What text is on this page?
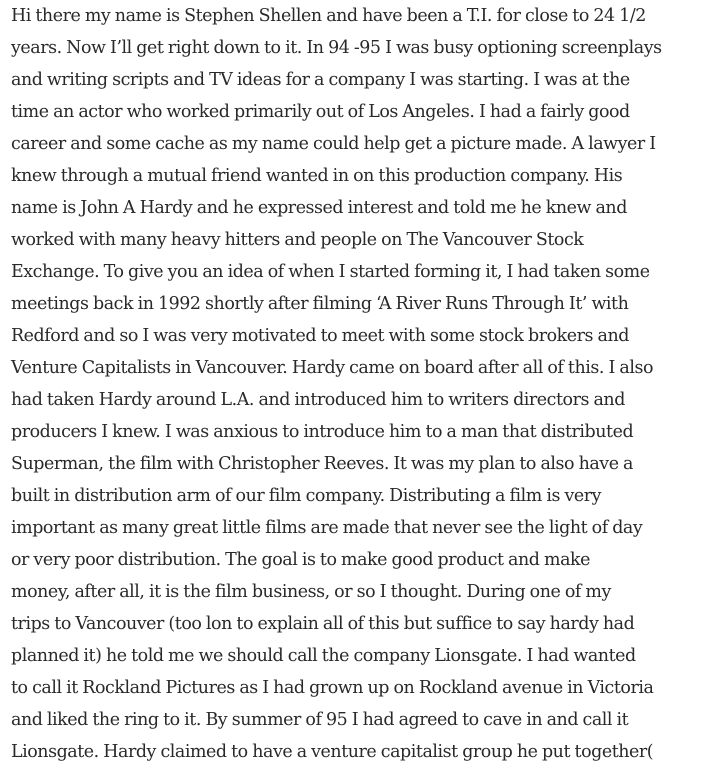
Hi there my name is Stephen Shellen and have been a T.I. for close to 24 1/2
years. Now I’ll get right down to it. In 94 -95 I was busy optioning screenplays
and writing scripts and TV ideas for a company I was starting. I was at the
time an actor who worked primarily out of Los Angeles. I had a fairly good
career and some cache as my name could help get a picture made. A lawyer I
knew through a mutual friend wanted in on this production company. His
name is John A Hardy and he expressed interest and told me he knew and
worked with many heavy hitters and people on The Vancouver Stock
Exchange. To give you an idea of when I started forming it, I had taken some
meetings back in 1992 shortly after filming ‘A River Runs Through It’ with
Redford and so I was very motivated to meet with some stock brokers and
Venture Capitalists in Vancouver. Hardy came on board after all of this. I also
had taken Hardy around L.A. and introduced him to writers directors and
producers I knew. I was anxious to introduce him to a man that distributed
Superman, the film with Christopher Reeves. It was my plan to also have a
built in distribution arm of our film company. Distributing a film is very
important as many great little films are made that never see the light of day
or very poor distribution. The goal is to make good product and make
money, after all, it is the film business, or so I thought. During one of my
trips to Vancouver (too lon to explain all of this but suffice to say hardy had
planned it) he told me we should call the company Lionsgate. I had wanted
to call it Rockland Pictures as I had grown up on Rockland avenue in Victoria
and liked the ring to it. By summer of 95 I had agreed to cave in and call it
Lionsgate. Hardy claimed to have a venture capitalist group he put together(
